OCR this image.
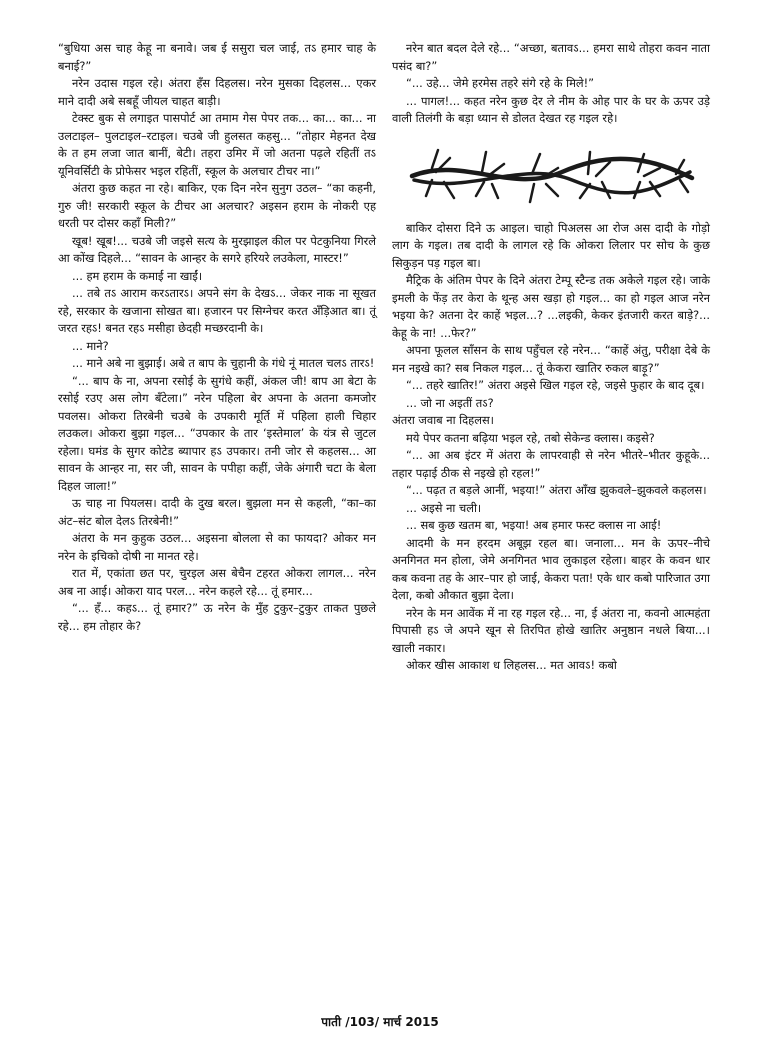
“बुधिया अस चाह केहू ना बनावे। जब ई ससुरा चल जाई, तऽ हमार चाह के बनाई?”

नरेन उदास गइल रहे। अंतरा हँस दिहलस। नरेन मुसका दिहलस... एकर माने दादी अबे सबहूँ जीयल चाहत बाड़ी।

टेक्स्ट बुक से लगाइत पासपोर्ट आ तमाम गेस पेपर तक... का... का... ना उलटाइल– पुलटाइल–रटाइल। चउबे जी हुलसत कहसु... “तोहार मेहनत देख के त हम लजा जात बानीं, बेटी। तहरा उमिर में जो अतना पढ़ले रहितीं तऽ यूनिवर्सिटी के प्रोफेसर भइल रहितीं, स्कूल के अलचार टीचर ना।”

अंतरा कुछ कहत ना रहे। बाकिर, एक दिन नरेन सुनुग उठल– “का कहनी, गुरु जी! सरकारी स्कूल के टीचर आ अलचार? अइसन हराम के नोकरी एह धरती पर दोसर कहाँ मिली?”

खूब! खूब!... चउबे जी जइसे सत्य के मुरझाइल कील पर पेटकुनिया गिरले आ कोंख दिहले... “सावन के आन्हर के सगरे हरियरे लउकेला, मास्टर!”

... हम हराम के कमाई ना खाईं।

... तबे तऽ आराम करऽतारऽ। अपने संग के देखऽ... जेकर नाक ना सूखत रहे, सरकार के खजाना सोखत बा। हजारन पर सिग्नेचर करत अँड़िआत बा। तूं जरत रहऽ! बनत रहऽ मसीहा छेदही मच्छरदानी के।

... माने?

... माने अबे ना बुझाई। अबे त बाप के चुहानी के गंधे नूं मातल चलऽ तारऽ!

“... बाप के ना, अपना रसोई के सुगंधे कहीं, अंकल जी! बाप आ बेटा के रसोई रउए अस लोग बँटेला।” नरेन पहिला बेर अपना के अतना कमजोर पवलस। ओकरा तिरबेनी चउबे के उपकारी मूर्ति में पहिला हाली चिहार लउकल। ओकरा बुझा गइल... “उपकार के तार ‘इस्तेमाल’ के यंत्र से जुटल रहेला। घमंड के सुगर कोटेड ब्यापार हऽ उपकार। तनी जोर से कहलस... आ सावन के आन्हर ना, सर जी, सावन के पपीहा कहीं, जेके अंगारी चटा के बेला दिहल जाला!”

ऊ चाह ना पियलस। दादी के दुख बरल। बुझला मन से कहली, “का–का अंट–संट बोल देलऽ तिरबेनी!”

अंतरा के मन कुहुक उठल... अइसना बोलला से का फायदा? ओकर मन नरेन के इचिको दोषी ना मानत रहे।

रात में, एकांता छत पर, चुरइल अस बेचैन टहरत ओकरा लागल... नरेन अब ना आई। ओकरा याद परल... नरेन कहले रहे... तूं हमार...

“... हँ... कहऽ... तूं हमार?” ऊ नरेन के मुँह टुकुर–टुकुर ताकत पुछले रहे... हम तोहार के?

नरेन बात बदल देले रहे... “अच्छा, बतावऽ... हमरा साथे तोहरा कवन नाता पसंद बा?”

“... उहे... जेमे हरमेस तहरे संगे रहे के मिले!”

... पागल!... कहत नरेन कुछ देर ले नीम के ओह पार के घर के ऊपर उड़े वाली तिलंगी के बड़ा ध्यान से डोलत देखत रह गइल रहे।

बाकिर दोसरा दिने ऊ आइल। चाहो पिअलस आ रोज अस दादी के गोड़ो लाग के गइल। तब दादी के लागल रहे कि ओकरा लिलार पर सोच के कुछ सिकुड़न पड़ गइल बा।

मैट्रिक के अंतिम पेपर के दिने अंतरा टेम्पू स्टैन्ड तक अकेले गइल रहे। जाके इमली के फेंड़ तर केरा के थून्ह अस खड़ा हो गइल... का हो गइल आज नरेन भइया के? अतना देर काहें भइल...? ...लइकी, केकर इंतजारी करत बाड़े?... केहू के ना! ...फेर?”

अपना फूलल साँसन के साथ पहुँचल रहे नरेन... “काहें अंतु, परीक्षा देबे के मन नइखे का? सब निकल गइल... तूं केकरा खातिर रुकल बाड़ू?”

“... तहरे खातिर!” अंतरा अइसे खिल गइल रहे, जइसे फुहार के बाद दूब।

... जो ना अइतीं तऽ?

अंतरा जवाब ना दिहलस।

मये पेपर कतना बढ़िया भइल रहे, तबो सेकेन्ड क्लास। कइसे?

“... आ अब इंटर में अंतरा के लापरवाही से नरेन भीतरे–भीतर कुहूके... तहार पढ़ाई ठीक से नइखे हो रहल!”

“... पढ़त त बड़ले आनीं, भइया!” अंतरा आँख झुकवले–झुकवले कहलस।

... अइसे ना चली।

... सब कुछ खतम बा, भइया! अब हमार फस्ट क्लास ना आई!

आदमी के मन हरदम अबूझ रहल बा। जनाला... मन के ऊपर–नीचे अनगिनत मन होला, जेमे अनगिनत भाव लुकाइल रहेला। बाहर के कवन धार कब कवना तह के आर–पार हो जाई, केकरा पता! एके धार कबो पारिजात उगा देला, कबो औकात बुझा देला।

नरेन के मन आवेंक में ना रह गइल रहे... ना, ई अंतरा ना, कवनो आत्महंता पिपासी हऽ जे अपने खून से तिरपित होखे खातिर अनुष्ठान नधले बिया...। खाली नकार।

ओकर खीस आकाश ध लिहलस... मत आवऽ! कबो

पाती /103/ मार्च 2015
